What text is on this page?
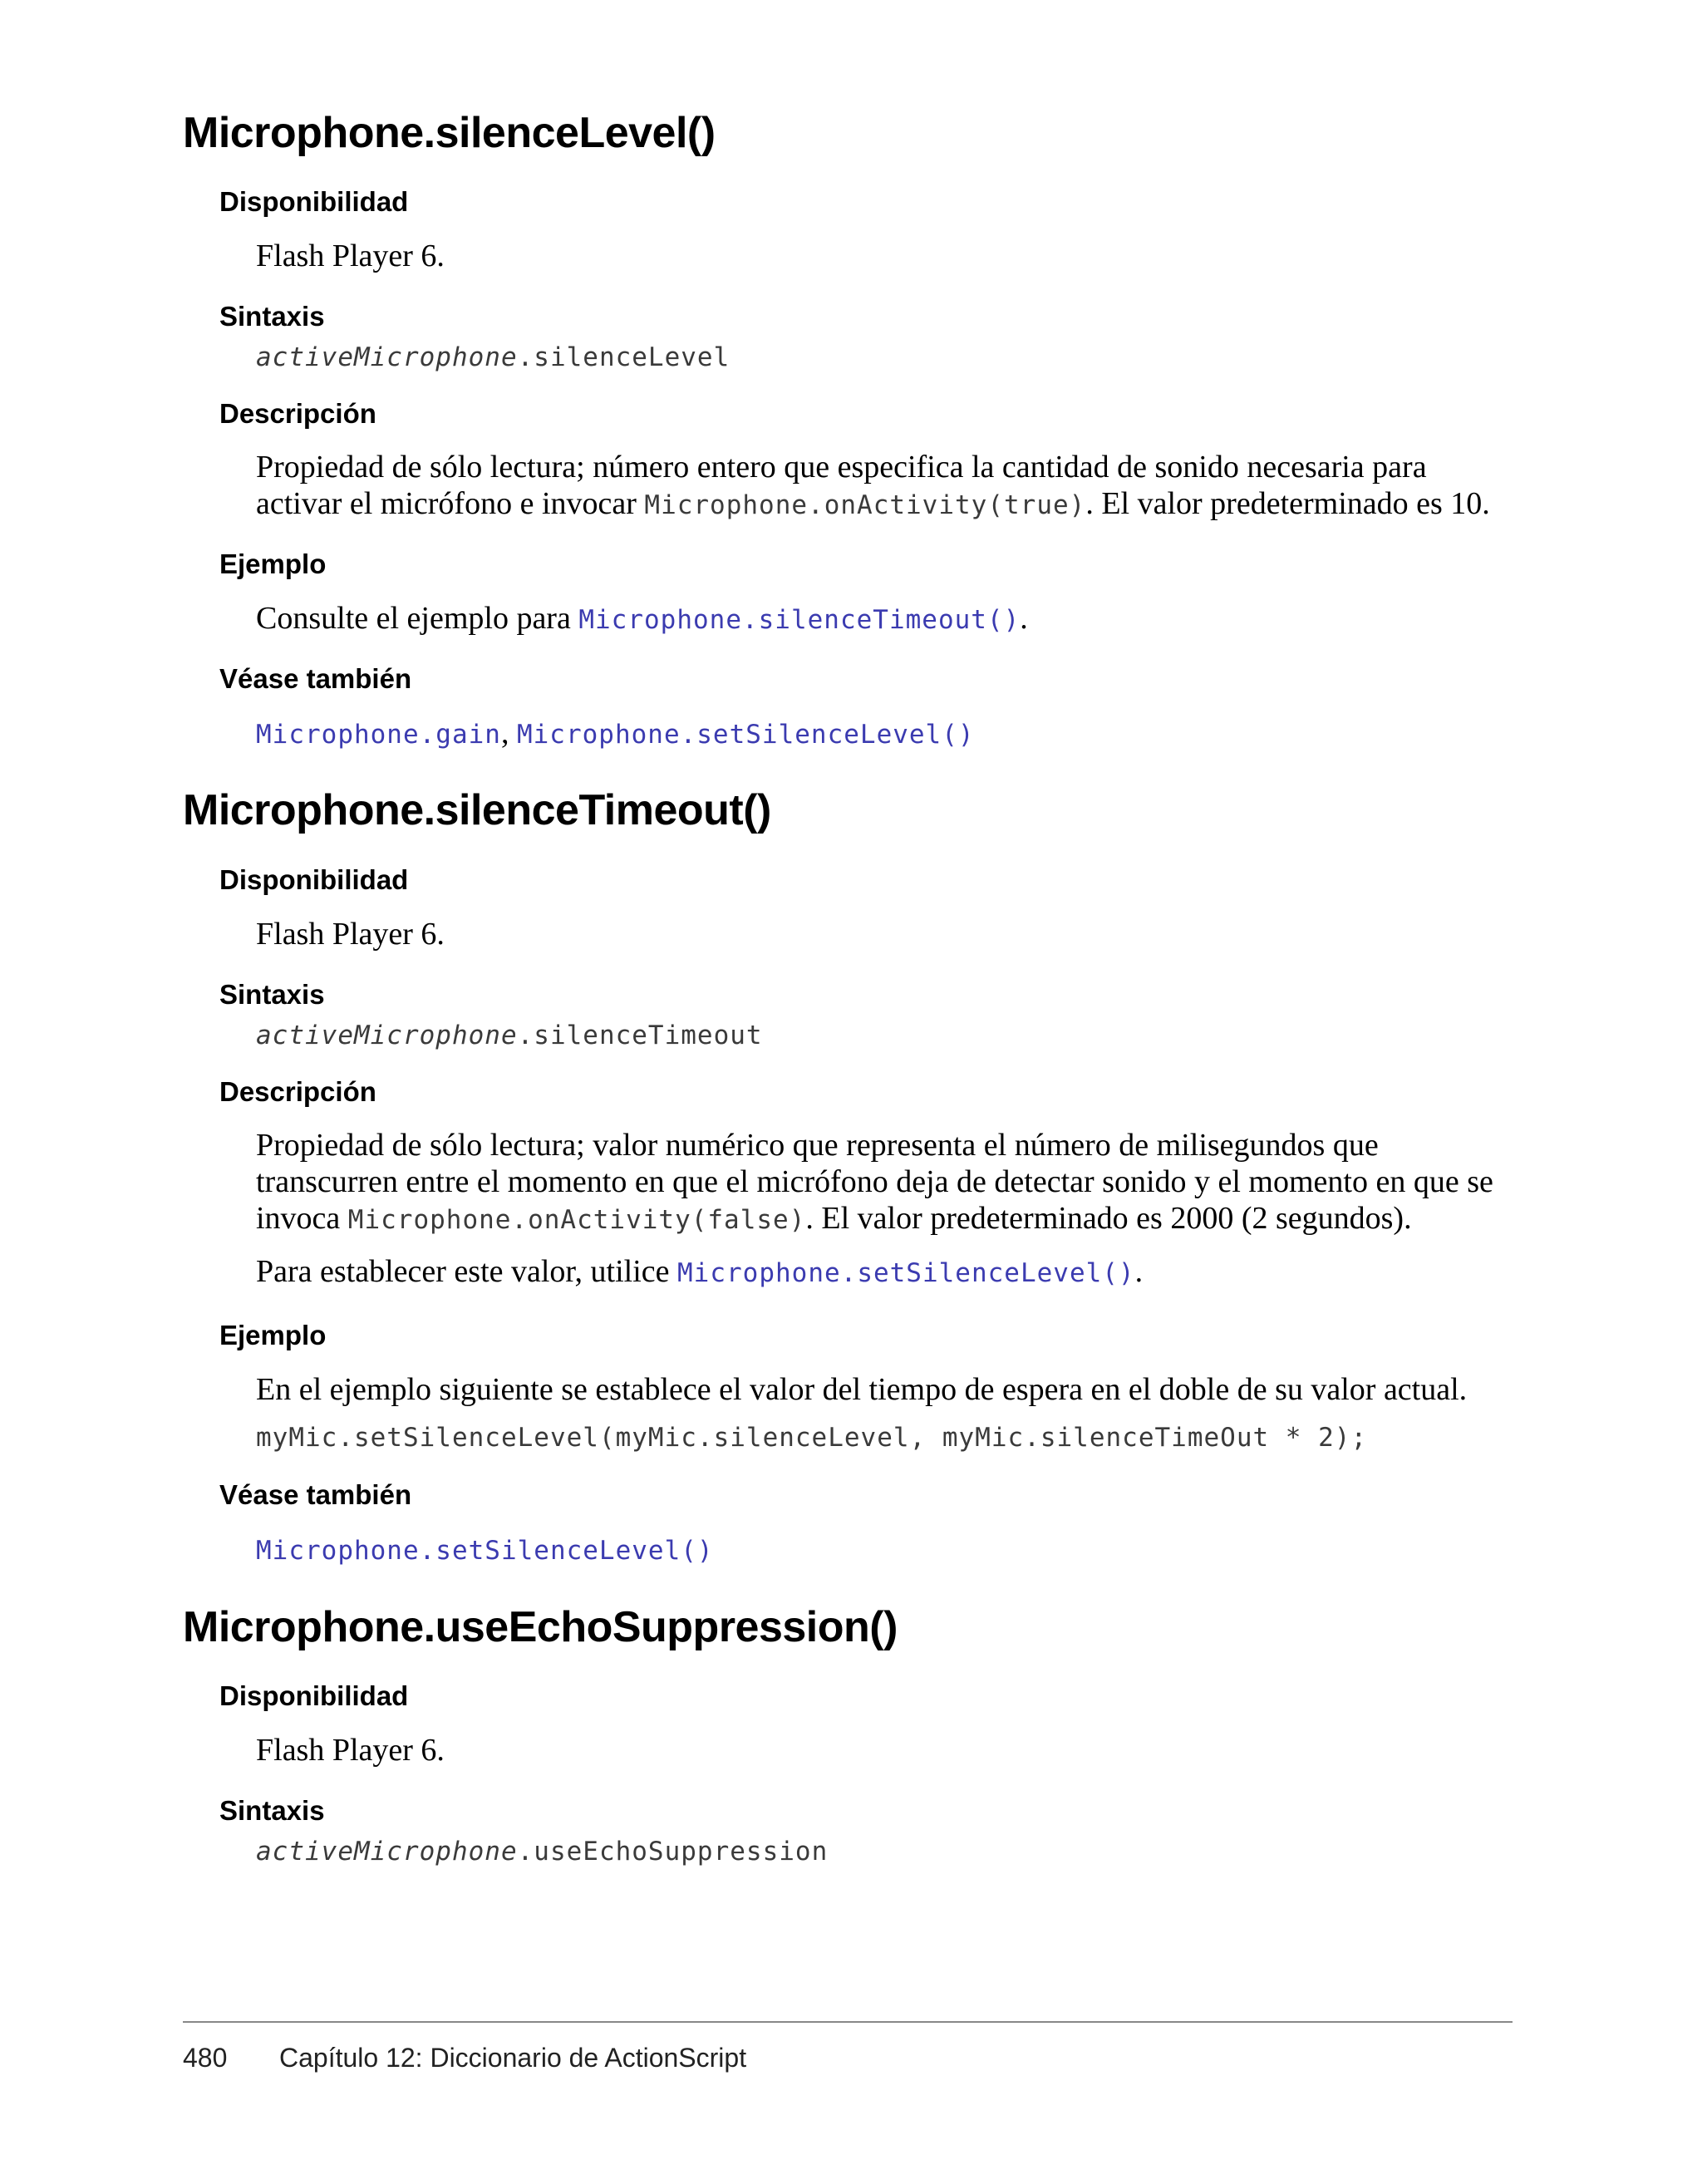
Microphone.silenceLevel()
Disponibilidad

Flash Player 6.

Sintaxis
activeMicrophone.silenceLevel
Descripción

Propiedad de sólo lectura; número entero que especifica la cantidad de sonido necesaria para activar el micrófono e invocar Microphone.onActivity(true). El valor predeterminado es 10.

Ejemplo

Consulte el ejemplo para Microphone.silenceTimeout().

Véase también

Microphone.gain, Microphone.setSilenceLevel()

Microphone.silenceTimeout()
Disponibilidad

Flash Player 6.

Sintaxis
activeMicrophone.silenceTimeout
Descripción

Propiedad de sólo lectura; valor numérico que representa el número de milisegundos que transcurren entre el momento en que el micrófono deja de detectar sonido y el momento en que se invoca Microphone.onActivity(false). El valor predeterminado es 2000 (2 segundos).

Para establecer este valor, utilice Microphone.setSilenceLevel().

Ejemplo

En el ejemplo siguiente se establece el valor del tiempo de espera en el doble de su valor actual.

myMic.setSilenceLevel(myMic.silenceLevel, myMic.silenceTimeOut * 2);
Véase también

Microphone.setSilenceLevel()

Microphone.useEchoSuppression()
Disponibilidad

Flash Player 6.

Sintaxis
activeMicrophone.useEchoSuppression
480 Capítulo 12: Diccionario de ActionScript
